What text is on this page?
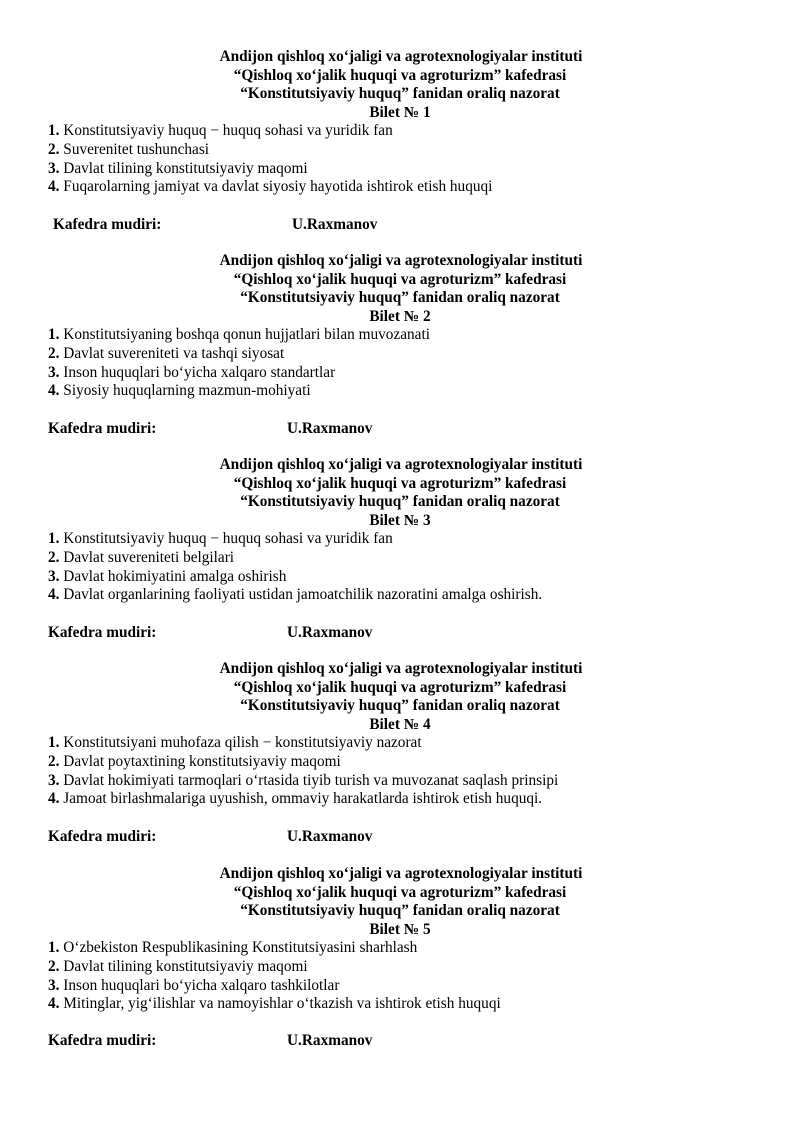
Andijon qishloq xo‘jaligi va agrotexnologiyalar instituti
“Qishloq xo‘jalik huquqi va agroturizm” kafedrasi
“Konstitutsiyaviy huquq” fanidan oraliq nazorat
Bilet № 1
1. Konstitutsiyaviy huquq − huquq sohasi va yuridik fan
2. Suverenitet tushunchasi
3. Davlat tilining konstitutsiyaviy maqomi
4. Fuqarolarning jamiyat va davlat siyosiy hayotida ishtirok etish huquqi
Kafedra mudiri:	U.Raxmanov
Andijon qishloq xo‘jaligi va agrotexnologiyalar instituti
“Qishloq xo‘jalik huquqi va agroturizm” kafedrasi
“Konstitutsiyaviy huquq” fanidan oraliq nazorat
Bilet № 2
1. Konstitutsiyaning boshqa qonun hujjatlari bilan muvozanati
2. Davlat suvereniteti va tashqi siyosat
3. Inson huquqlari bo‘yicha xalqaro standartlar
4. Siyosiy huquqlarning mazmun-mohiyati
Kafedra mudiri:	U.Raxmanov
Andijon qishloq xo‘jaligi va agrotexnologiyalar instituti
“Qishloq xo‘jalik huquqi va agroturizm” kafedrasi
“Konstitutsiyaviy huquq” fanidan oraliq nazorat
Bilet № 3
1. Konstitutsiyaviy huquq − huquq sohasi va yuridik fan
2. Davlat suvereniteti belgilari
3. Davlat hokimiyatini amalga oshirish
4. Davlat organlarining faoliyati ustidan jamoatchilik nazoratini amalga oshirish.
Kafedra mudiri:	U.Raxmanov
Andijon qishloq xo‘jaligi va agrotexnologiyalar instituti
“Qishloq xo‘jalik huquqi va agroturizm” kafedrasi
“Konstitutsiyaviy huquq” fanidan oraliq nazorat
Bilet № 4
1. Konstitutsiyani muhofaza qilish − konstitutsiyaviy nazorat
2. Davlat poytaxtining konstitutsiyaviy maqomi
3. Davlat hokimiyati tarmoqlari o‘rtasida tiyib turish va muvozanat saqlash prinsipi
4. Jamoat birlashmalariga uyushish, ommaviy harakatlarda ishtirok etish huquqi.
Kafedra mudiri:	U.Raxmanov
Andijon qishloq xo‘jaligi va agrotexnologiyalar instituti
“Qishloq xo‘jalik huquqi va agroturizm” kafedrasi
“Konstitutsiyaviy huquq” fanidan oraliq nazorat
Bilet № 5
1. O‘zbekiston Respublikasining Konstitutsiyasini sharhlash
2. Davlat tilining konstitutsiyaviy maqomi
3. Inson huquqlari bo‘yicha xalqaro tashkilotlar
4. Mitinglar, yig‘ilishlar va namoyishlar o‘tkazish va ishtirok etish huquqi
Kafedra mudiri:	U.Raxmanov
